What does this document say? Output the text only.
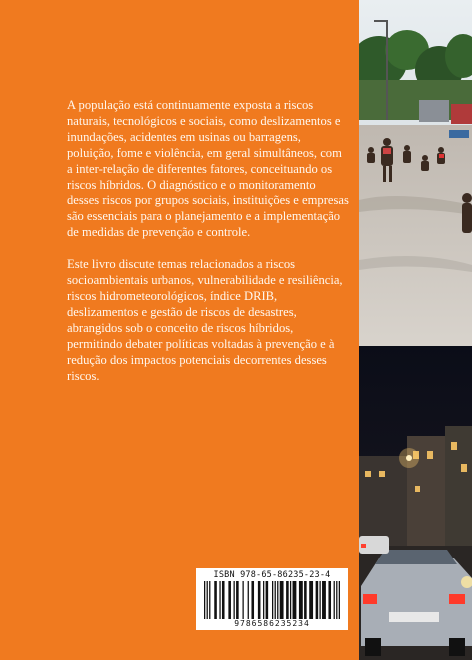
A população está continuamente exposta a riscos naturais, tecnológicos e sociais, como deslizamentos e inundações, acidentes em usinas ou barragens, poluição, fome e violência, em geral simultâneos, com a inter-relação de diferentes fatores, conceituando os riscos híbridos. O diagnóstico e o monitoramento desses riscos por grupos sociais, instituições e empresas são essenciais para o planejamento e a implementação de medidas de prevenção e controle.

Este livro discute temas relacionados a riscos socioambientais urbanos, vulnerabilidade e resiliência, riscos hidrometeorológicos, índice DRIB, deslizamentos e gestão de riscos de desastres, abrangidos sob o conceito de riscos híbridos, permitindo debater políticas voltadas à prevenção e à redução dos impactos potenciais decorrentes desses riscos.

ISBN 978-65-86235-23-4
9786586235234
